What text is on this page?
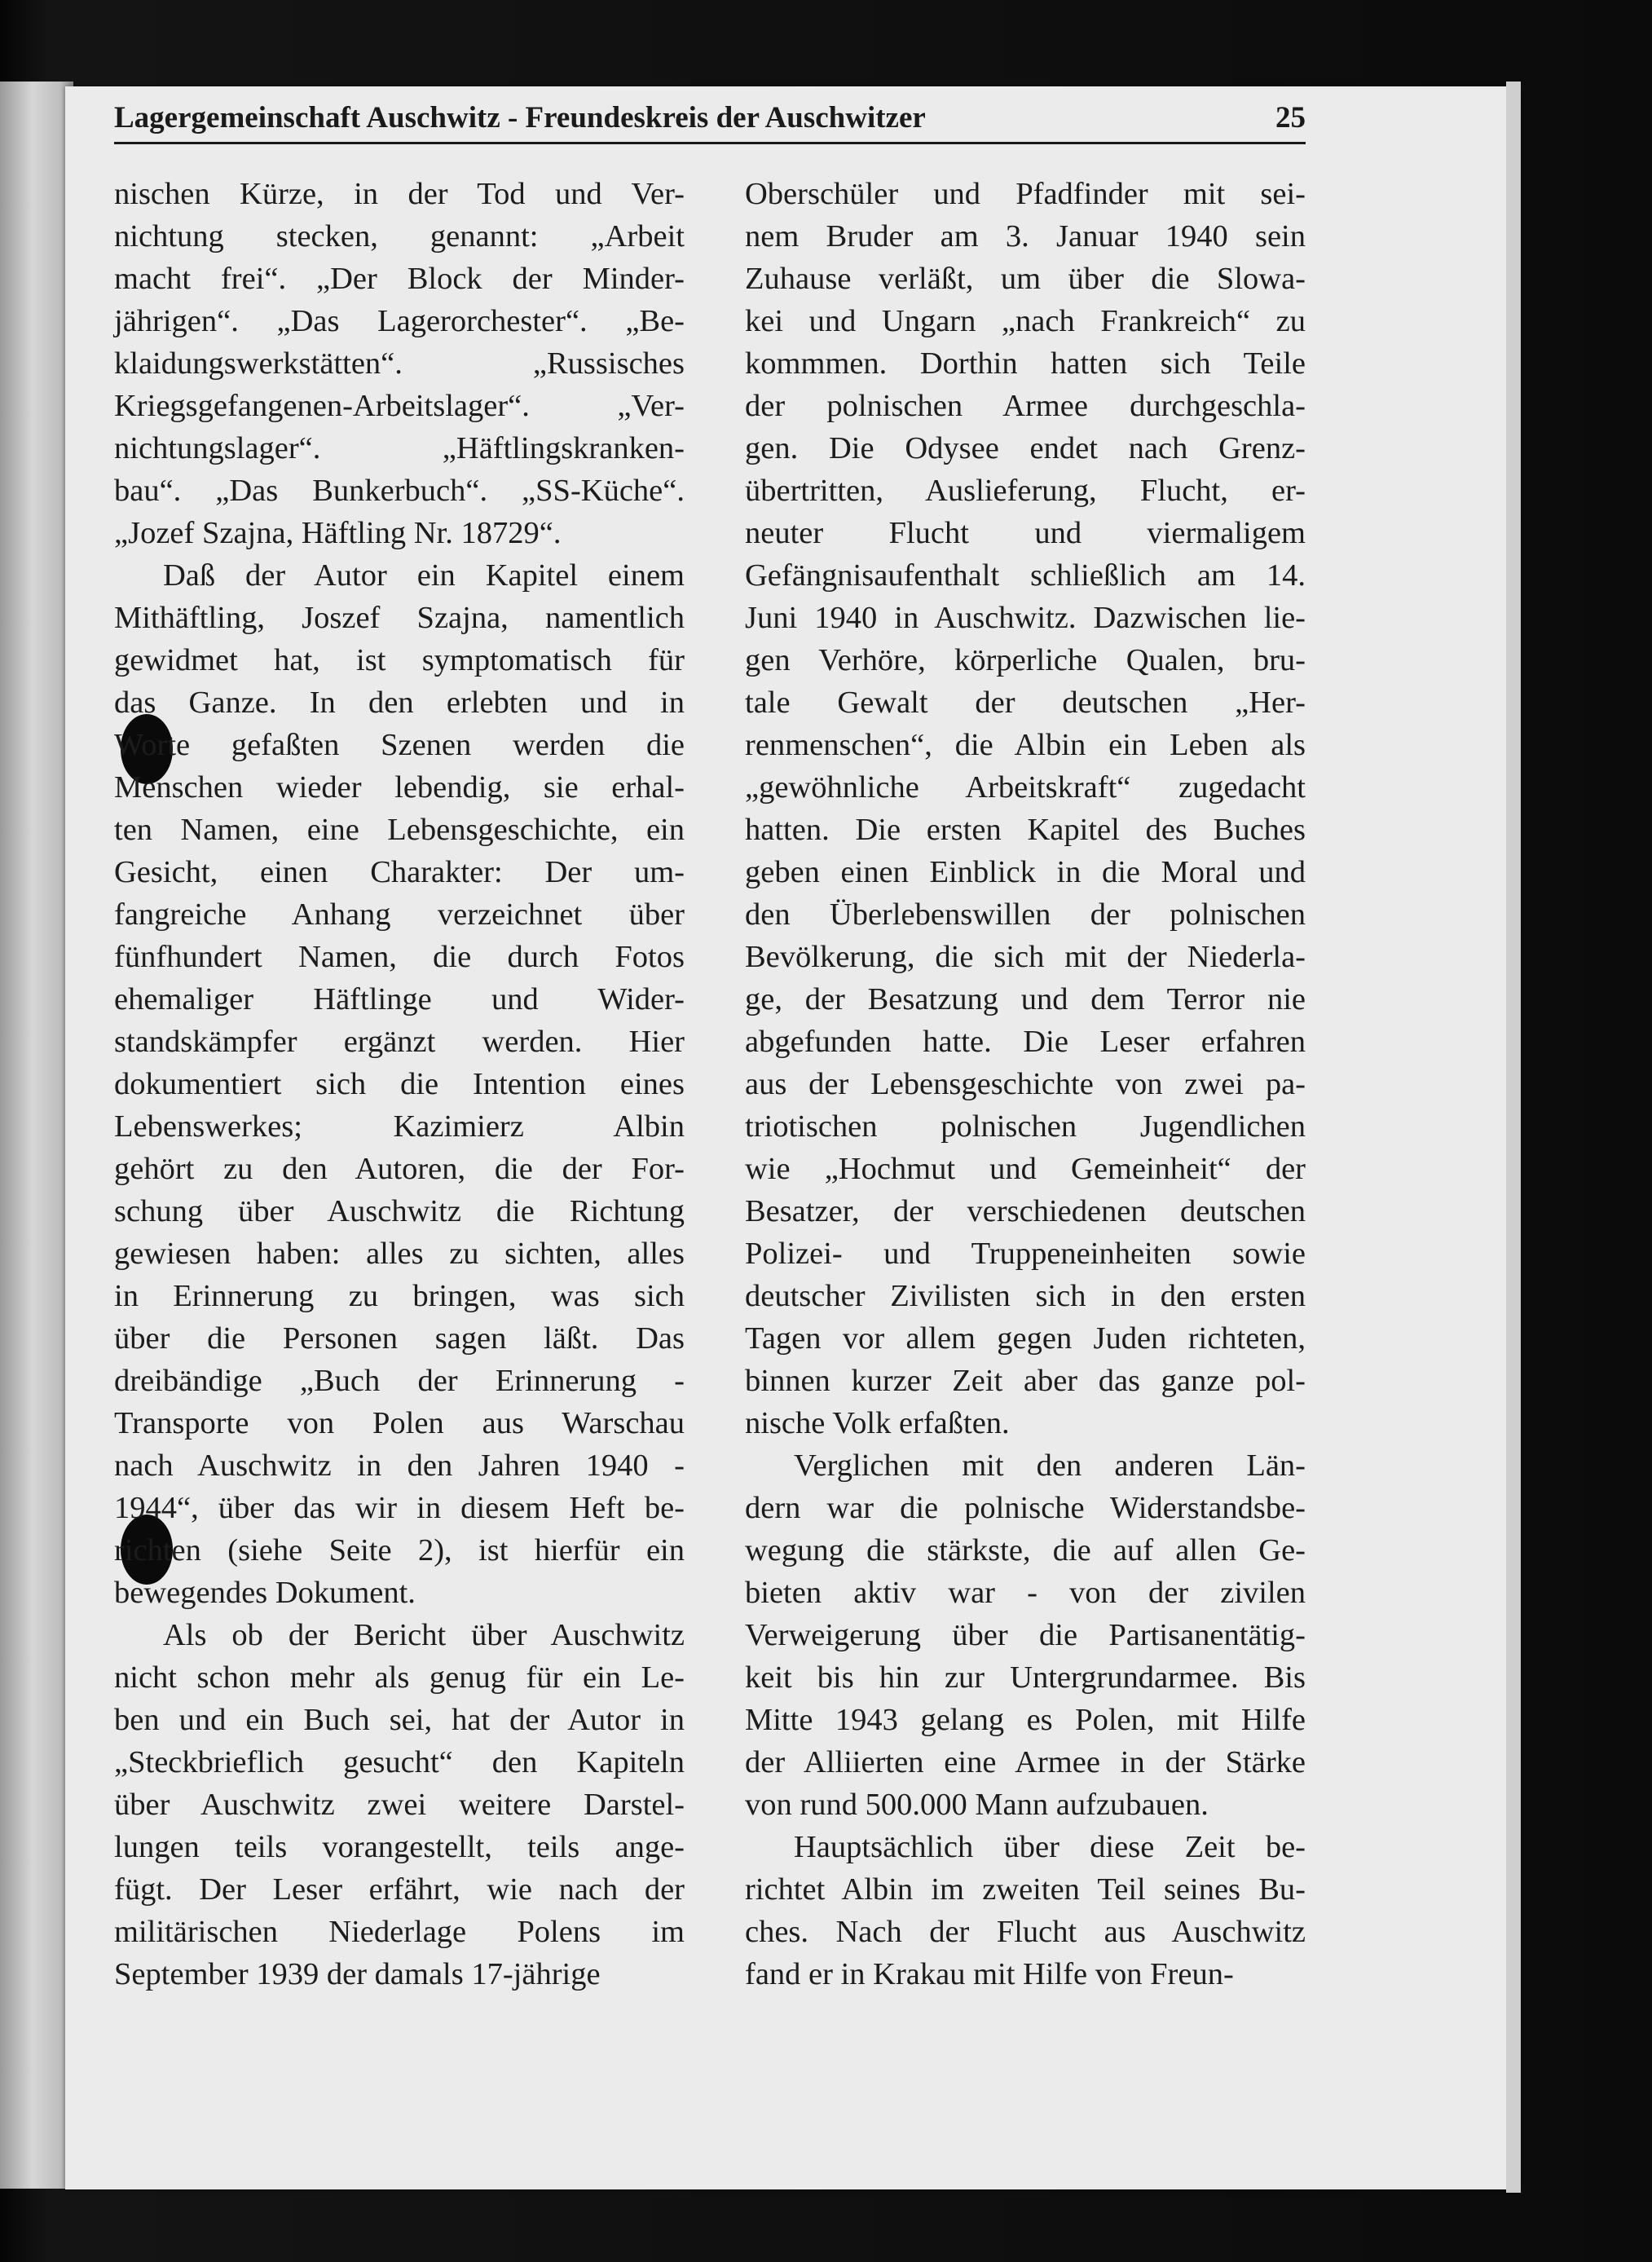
Lagergemeinschaft Auschwitz - Freundeskreis der Auschwitzer	25
nischen Kürze, in der Tod und Ver-
nichtung stecken, genannt: „Arbeit
macht frei“. „Der Block der Minder-
jährigen“. „Das Lagerorchester“. „Be-
klaidungswerkstätten“. „Russisches
Kriegsgefangenen-Arbeitslager“. „Ver-
nichtungslager“. „Häftlingskranken-
bau“. „Das Bunkerbuch“. „SS-Küche“.
„Jozef Szajna, Häftling Nr. 18729“.
Daß der Autor ein Kapitel einem
Mithäftling, Joszef Szajna, namentlich
gewidmet hat, ist symptomatisch für
das Ganze. In den erlebten und in
Worte gefaßten Szenen werden die
Menschen wieder lebendig, sie erhal-
ten Namen, eine Lebensgeschichte, ein
Gesicht, einen Charakter: Der um-
fangreiche Anhang verzeichnet über
fünfhundert Namen, die durch Fotos
ehemaliger Häftlinge und Wider-
standskämpfer ergänzt werden. Hier
dokumentiert sich die Intention eines
Lebenswerkes; Kazimierz Albin
gehört zu den Autoren, die der For-
schung über Auschwitz die Richtung
gewiesen haben: alles zu sichten, alles
in Erinnerung zu bringen, was sich
über die Personen sagen läßt. Das
dreibändige „Buch der Erinnerung -
Transporte von Polen aus Warschau
nach Auschwitz in den Jahren 1940 -
1944“, über das wir in diesem Heft be-
richten (siehe Seite 2), ist hierfür ein
bewegendes Dokument.
Als ob der Bericht über Auschwitz
nicht schon mehr als genug für ein Le-
ben und ein Buch sei, hat der Autor in
„Steckbrieflich gesucht“ den Kapiteln
über Auschwitz zwei weitere Darstel-
lungen teils vorangestellt, teils ange-
fügt. Der Leser erfährt, wie nach der
militärischen Niederlage Polens im
September 1939 der damals 17-jährige
Oberschüler und Pfadfinder mit sei-
nem Bruder am 3. Januar 1940 sein
Zuhause verläßt, um über die Slowa-
kei und Ungarn „nach Frankreich“ zu
kommmen. Dorthin hatten sich Teile
der polnischen Armee durchgeschla-
gen. Die Odysee endet nach Grenz-
übertritten, Auslieferung, Flucht, er-
neuter Flucht und viermaligem
Gefängnisaufenthalt schließlich am 14.
Juni 1940 in Auschwitz. Dazwischen lie-
gen Verhöre, körperliche Qualen, bru-
tale Gewalt der deutschen „Her-
renmenschen“, die Albin ein Leben als
„gewöhnliche Arbeitskraft“ zugedacht
hatten. Die ersten Kapitel des Buches
geben einen Einblick in die Moral und
den Überlebenswillen der polnischen
Bevölkerung, die sich mit der Niederla-
ge, der Besatzung und dem Terror nie
abgefunden hatte. Die Leser erfahren
aus der Lebensgeschichte von zwei pa-
triotischen polnischen Jugendlichen
wie „Hochmut und Gemeinheit“ der
Besatzer, der verschiedenen deutschen
Polizei- und Truppeneinheiten sowie
deutscher Zivilisten sich in den ersten
Tagen vor allem gegen Juden richteten,
binnen kurzer Zeit aber das ganze pol-
nische Volk erfaßten.
Verglichen mit den anderen Län-
dern war die polnische Widerstandsbe-
wegung die stärkste, die auf allen Ge-
bieten aktiv war - von der zivilen
Verweigerung über die Partisanentätig-
keit bis hin zur Untergrundarmee. Bis
Mitte 1943 gelang es Polen, mit Hilfe
der Alliierten eine Armee in der Stärke
von rund 500.000 Mann aufzubauen.
Hauptsächlich über diese Zeit be-
richtet Albin im zweiten Teil seines Bu-
ches. Nach der Flucht aus Auschwitz
fand er in Krakau mit Hilfe von Freun-
